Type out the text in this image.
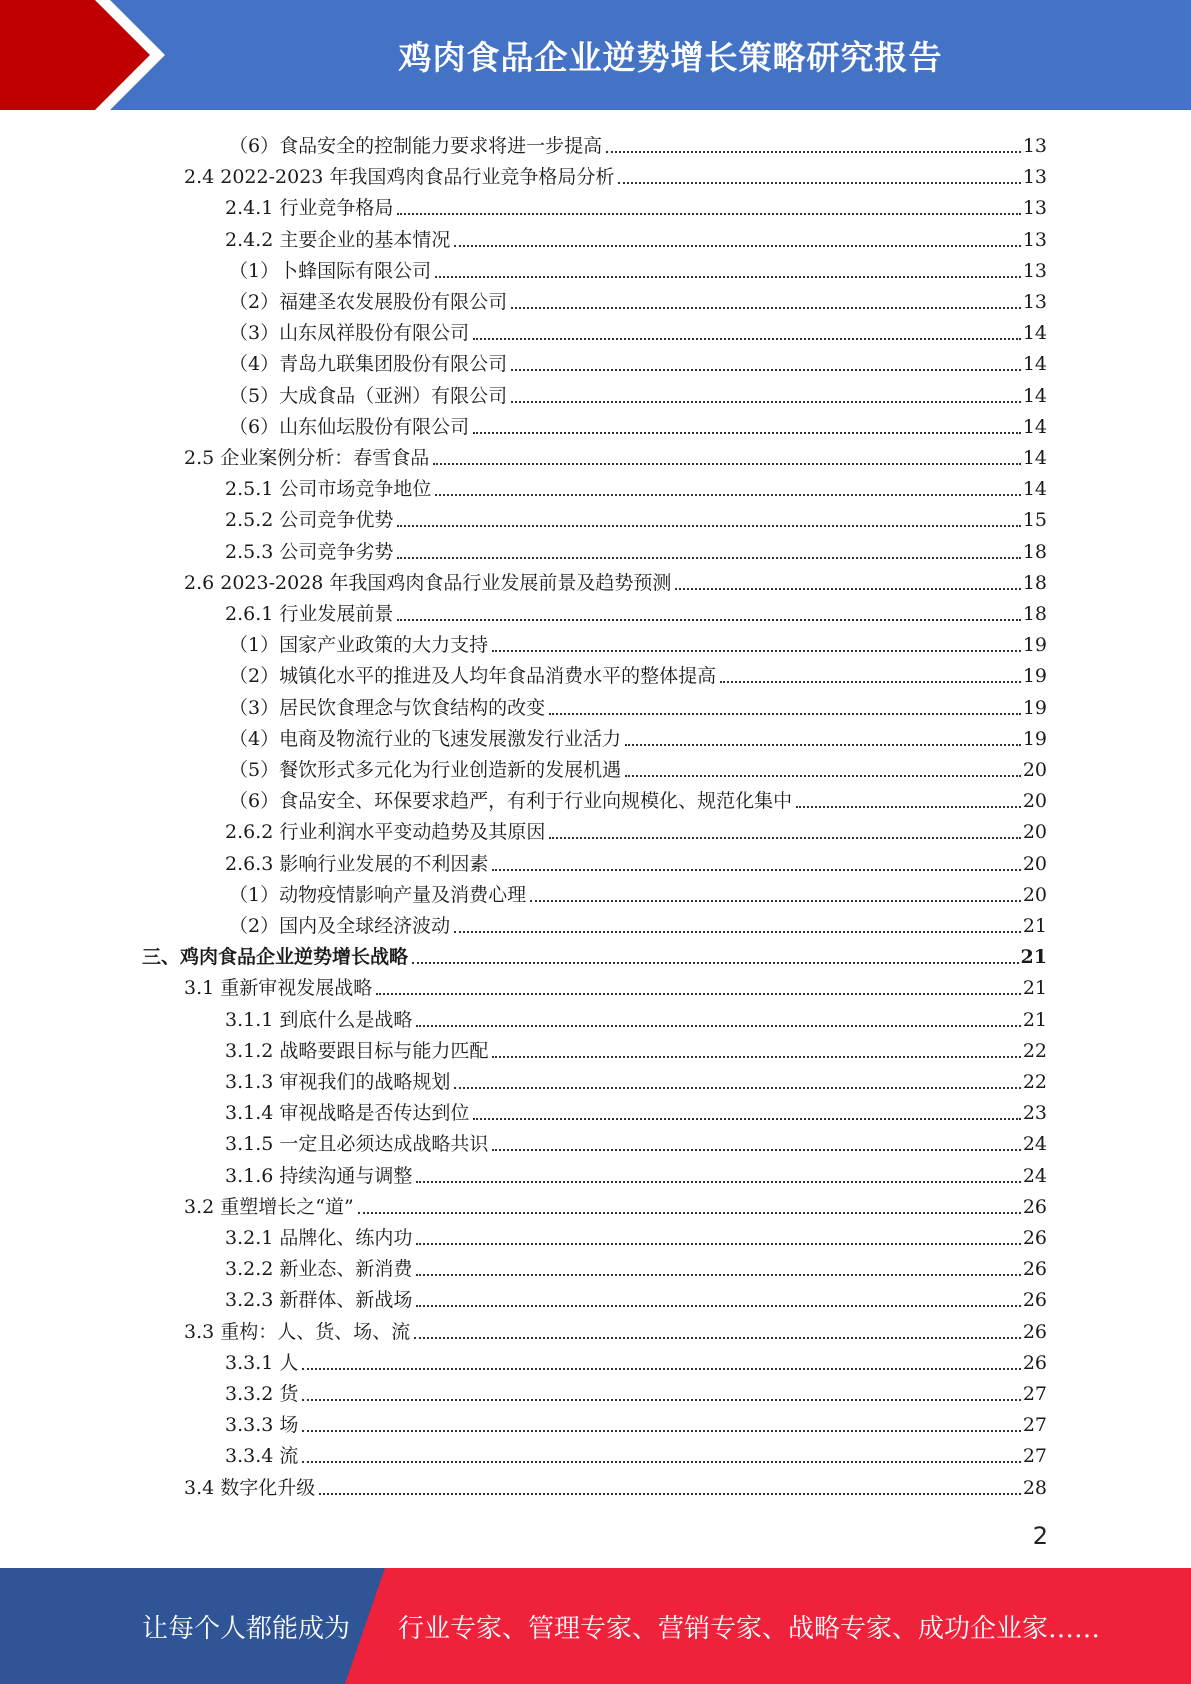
鸡肉食品企业逆势增长策略研究报告
（6）食品安全的控制能力要求将进一步提高	13
2.4 2022-2023 年我国鸡肉食品行业竞争格局分析	13
2.4.1 行业竞争格局	13
2.4.2 主要企业的基本情况	13
（1）卜蜂国际有限公司	13
（2）福建圣农发展股份有限公司	13
（3）山东凤祥股份有限公司	14
（4）青岛九联集团股份有限公司	14
（5）大成食品（亚洲）有限公司	14
（6）山东仙坛股份有限公司	14
2.5 企业案例分析：春雪食品	14
2.5.1 公司市场竞争地位	14
2.5.2 公司竞争优势	15
2.5.3 公司竞争劣势	18
2.6 2023-2028 年我国鸡肉食品行业发展前景及趋势预测	18
2.6.1 行业发展前景	18
（1）国家产业政策的大力支持	19
（2）城镇化水平的推进及人均年食品消费水平的整体提高	19
（3）居民饮食理念与饮食结构的改变	19
（4）电商及物流行业的飞速发展激发行业活力	19
（5）餐饮形式多元化为行业创造新的发展机遇	20
（6）食品安全、环保要求趋严，有利于行业向规模化、规范化集中	20
2.6.2 行业利润水平变动趋势及其原因	20
2.6.3 影响行业发展的不利因素	20
（1）动物疫情影响产量及消费心理	20
（2）国内及全球经济波动	21
三、鸡肉食品企业逆势增长战略	21
3.1 重新审视发展战略	21
3.1.1 到底什么是战略	21
3.1.2 战略要跟目标与能力匹配	22
3.1.3 审视我们的战略规划	22
3.1.4 审视战略是否传达到位	23
3.1.5 一定且必须达成战略共识	24
3.1.6 持续沟通与调整	24
3.2 重塑增长之“道”	26
3.2.1 品牌化、练内功	26
3.2.2 新业态、新消费	26
3.2.3 新群体、新战场	26
3.3 重构：人、货、场、流	26
3.3.1 人	26
3.3.2 货	27
3.3.3 场	27
3.3.4 流	27
3.4 数字化升级	28
2
让每个人都能成为 行业专家、管理专家、营销专家、战略专家、成功企业家……
